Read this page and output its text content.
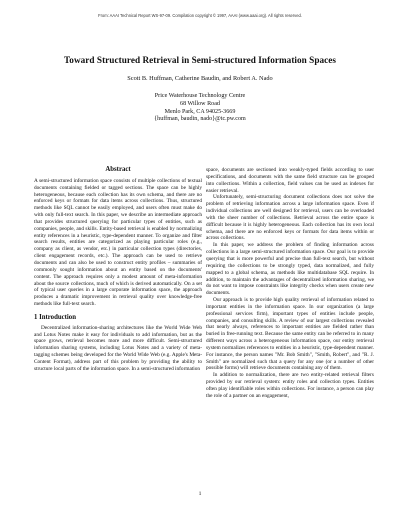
From: AAAI Technical Report WS-97-09. Compilation copyright © 1997, AAAI (www.aaai.org). All rights reserved.
Toward Structured Retrieval in Semi-structured Information Spaces
Scott B. Huffman, Catherine Baudin, and Robert A. Nado
Price Waterhouse Technology Centre
68 Willow Road
Menlo Park, CA 94025-3669
{huffman, baudin, nado}@tc.pw.com
Abstract

A semi-structured information space consists of multiple collections of textual documents containing fielded or tagged sections. The space can be highly heterogeneous, because each collection has its own schema, and there are no enforced keys or formats for data items across collections. Thus, structured methods like SQL cannot be easily employed, and users often must make do with only full-text search. In this paper, we describe an intermediate approach that provides structured querying for particular types of entities, such as companies, people, and skills. Entity-based retrieval is enabled by normalizing entity references in a heuristic, type-dependent manner. To organize and filter search results, entities are categorized as playing particular roles (e.g., company as client, as vendor, etc.) in particular collection types (directories, client engagement records, etc.). The approach can be used to retrieve documents and can also be used to construct entity profiles – summaries of commonly sought information about an entity based on the documents' content. The approach requires only a modest amount of meta-information about the source collections, much of which is derived automatically. On a set of typical user queries in a large corporate information space, the approach produces a dramatic improvement in retrieval quality over knowledge-free methods like full-text search.

1 Introduction

Decentralized information-sharing architectures like the World Wide Web and Lotus Notes make it easy for individuals to add information, but as the space grows, retrieval becomes more and more difficult. Semi-structured information sharing systems, including Lotus Notes and a variety of meta-tagging schemes being developed for the World Wide Web (e.g. Apple's Meta-Content Format), address part of this problem by providing the ability to structure local parts of the information space. In a semi-structured information

space, documents are sectioned into weakly-typed fields according to user specifications, and documents with the same field structure can be grouped into collections. Within a collection, field values can be used as indexes for easier retrieval.

Unfortunately, semi-structuring document collections does not solve the problem of retrieving information across a large information space. Even if individual collections are well designed for retrieval, users can be overloaded with the sheer number of collections. Retrieval across the entire space is difficult because it is highly heterogeneous. Each collection has its own local schema, and there are no enforced keys or formats for data items within or across collections.

In this paper, we address the problem of finding information across collections in a large semi-structured information space. Our goal is to provide querying that is more powerful and precise than full-text search, but without requiring the collections to be strongly typed, data normalized, and fully mapped to a global schema, as methods like multidatabase SQL require. In addition, to maintain the advantages of decentralized information sharing, we do not want to impose constraints like integrity checks when users create new documents.

Our approach is to provide high quality retrieval of information related to important entities in the information space. In our organization (a large professional services firm), important types of entities include people, companies, and consulting skills. A review of our largest collections revealed that nearly always, references to important entities are fielded rather than buried in free-running text. Because the same entity can be referred to in many different ways across a heterogeneous information space, our entity retrieval system normalizes references to entities in a heuristic, type-dependent manner. For instance, the person names "Mr. Bob Smith", "Smith, Robert", and "R. J. Smith" are normalized such that a query for any one (or a number of other possible forms) will retrieve documents containing any of them.

In addition to normalization, there are two entity-related retrieval filters provided by our retrieval system: entity roles and collection types. Entities often play identifiable roles within collections. For instance, a person can play the role of a partner on an engagement,

1
